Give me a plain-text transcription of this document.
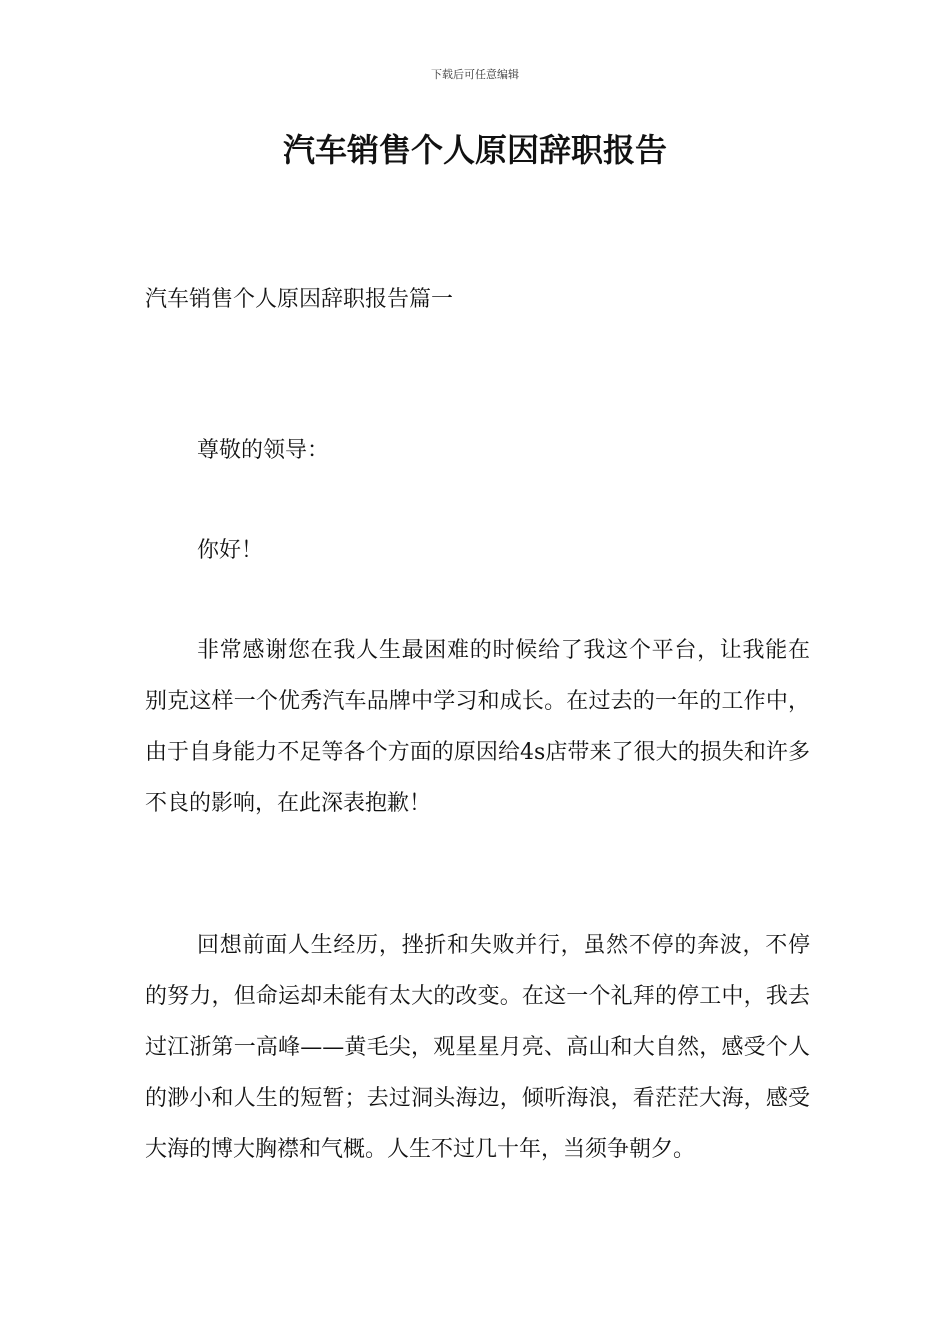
下载后可任意编辑
汽车销售个人原因辞职报告

汽车销售个人原因辞职报告篇一

尊敬的领导：

你好！

非常感谢您在我人生最困难的时候给了我这个平台，让我能在别克这样一个优秀汽车品牌中学习和成长。在过去的一年的工作中，由于自身能力不足等各个方面的原因给4s店带来了很大的损失和许多不良的影响，在此深表抱歉！

回想前面人生经历，挫折和失败并行，虽然不停的奔波，不停的努力，但命运却未能有太大的改变。在这一个礼拜的停工中，我去过江浙第一高峰——黄毛尖，观星星月亮、高山和大自然，感受个人的渺小和人生的短暂；去过洞头海边，倾听海浪，看茫茫大海，感受大海的博大胸襟和气概。人生不过几十年，当须争朝夕。
